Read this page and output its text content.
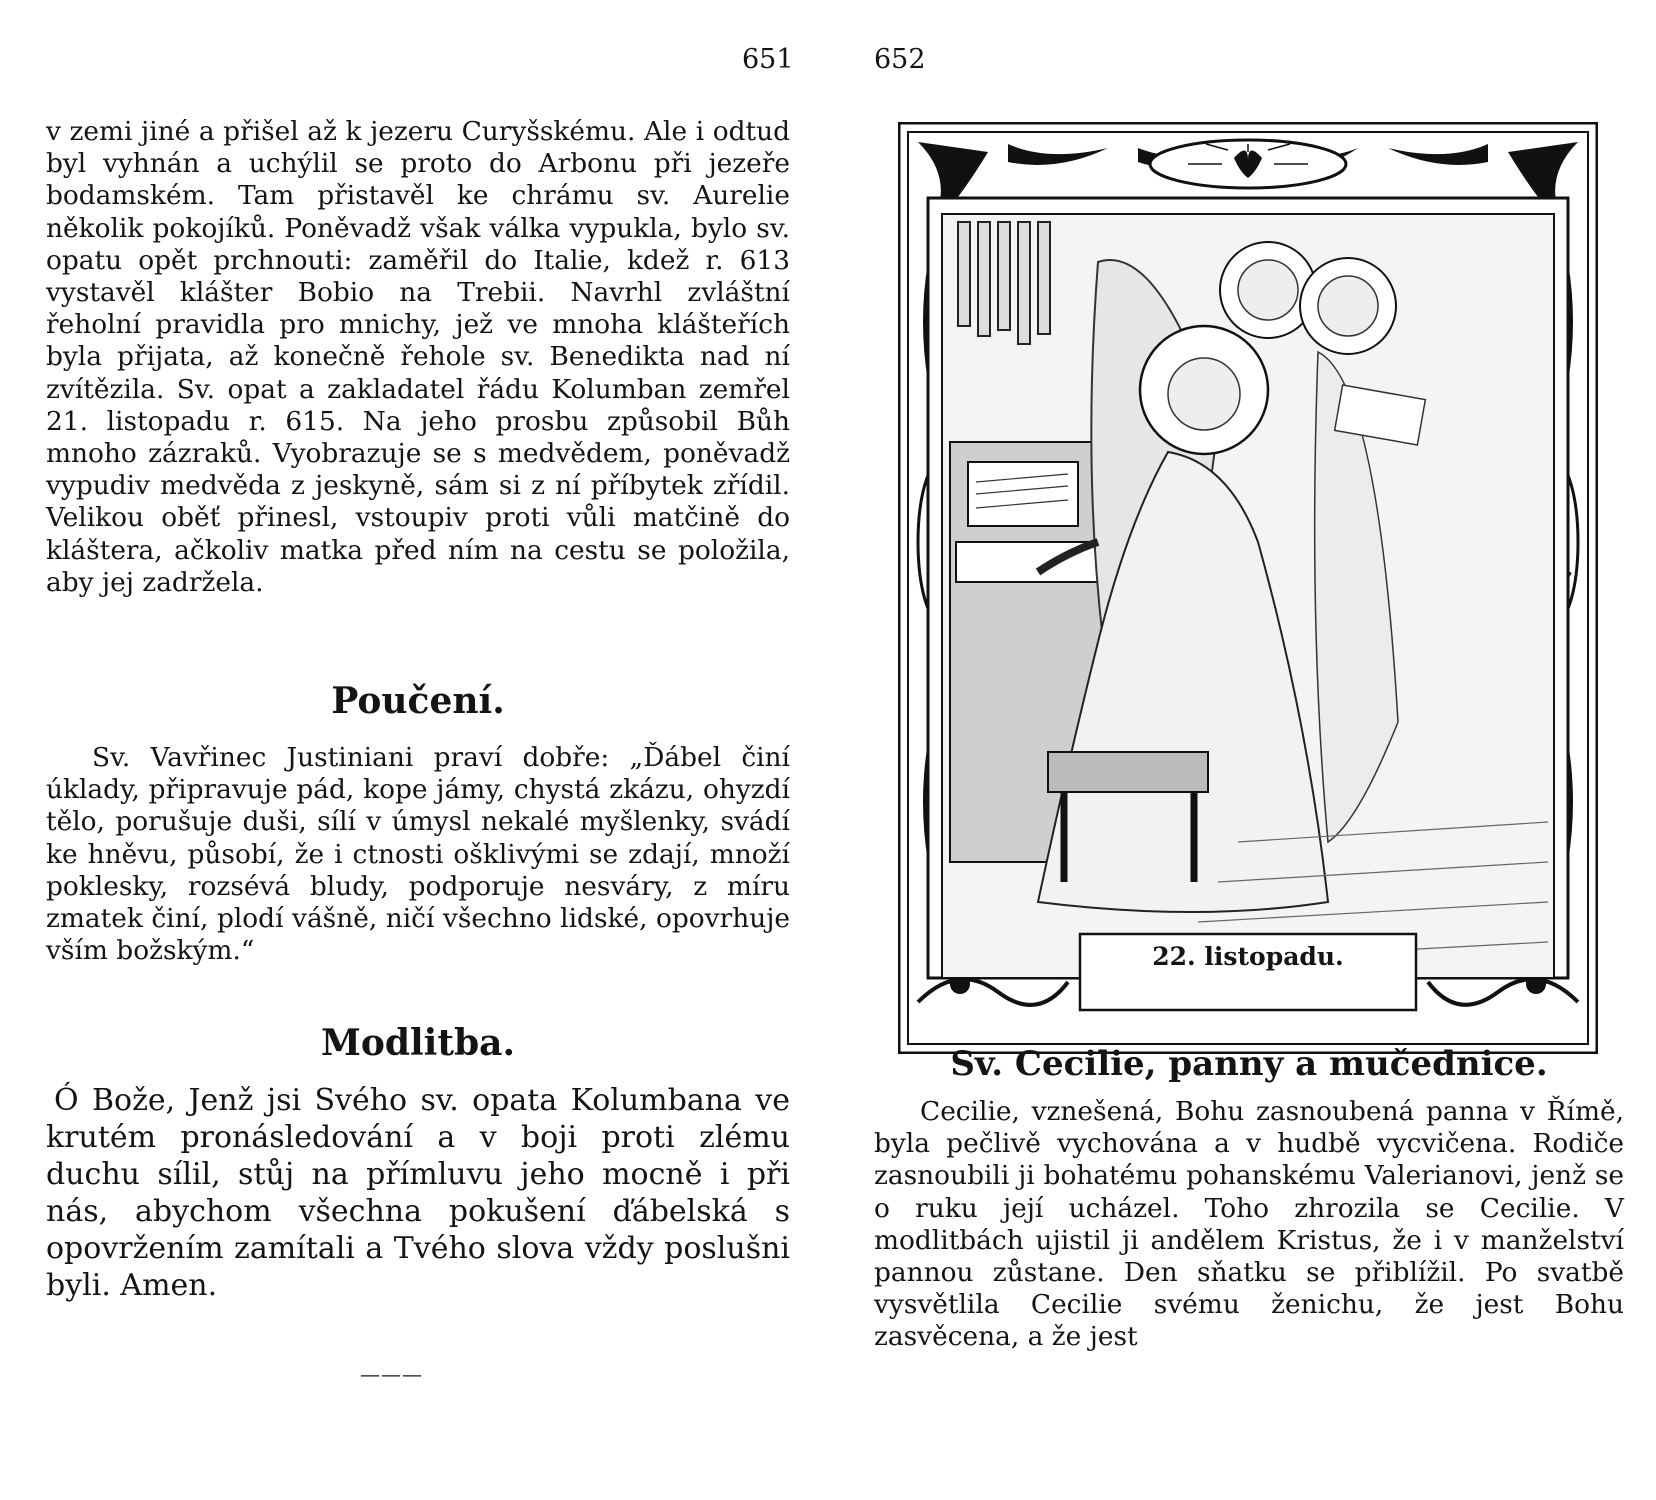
651	652

v zemi jiné a přišel až k jezeru Curyšskému. Ale i odtud byl vyhnán a uchýlil se proto do Arbonu při jezeře bodamském. Tam přistavěl ke chrámu sv. Aurelie několik pokojíků. Poněvadž však válka vypukla, bylo sv. opatu opět prchnouti: zaměřil do Italie, kdež r. 613 vystavěl klášter Bobio na Trebii. Navrhl zvláštní řeholní pravidla pro mnichy, jež ve mnoha klášteřích byla přijata, až konečně řehole sv. Benedikta nad ní zvítězila. Sv. opat a zakladatel řádu Kolumban zemřel 21. listopadu r. 615. Na jeho prosbu způsobil Bůh mnoho zázraků. Vyobrazuje se s medvědem, poněvadž vypudiv medvěda z jeskyně, sám si z ní příbytek zřídil. Velikou oběť přinesl, vstoupiv proti vůli matčině do kláštera, ačkoliv matka před ním na cestu se položila, aby jej zadržela.

Poučení.

Sv. Vavřinec Justiniani praví dobře: „Ďábel činí úklady, připravuje pád, kope jámy, chystá zkázu, ohyzdí tělo, porušuje duši, sílí v úmysl nekalé myšlenky, svádí ke hněvu, působí, že i ctnosti ošklivými se zdají, množí poklesky, rozsévá bludy, podporuje nesváry, z míru zmatek činí, plodí vášně, ničí všechno lidské, opovrhuje vším božským.“

Modlitba.

Ó Bože, Jenž jsi Svého sv. opata Kolumbana ve krutém pronásledování a v boji proti zlému duchu sílil, stůj na přímluvu jeho mocně i při nás, abychom všechna pokušení ďábelská s opovržením zamítali a Tvého slova vždy poslušni byli. Amen.

———
22. listopadu.
Sv. Cecilie, panny a mučednice.

Cecilie, vznešená, Bohu zasnoubená panna v Římě, byla pečlivě vychována a v hudbě vycvičena. Rodiče zasnoubili ji bohatému pohanskému Valerianovi, jenž se o ruku její ucházel. Toho zhrozila se Cecilie. V modlitbách ujistil ji andělem Kristus, že i v manželství pannou zůstane. Den sňatku se přiblížil. Po svatbě vysvětlila Cecilie svému ženichu, že jest Bohu zasvěcena, a že jest
